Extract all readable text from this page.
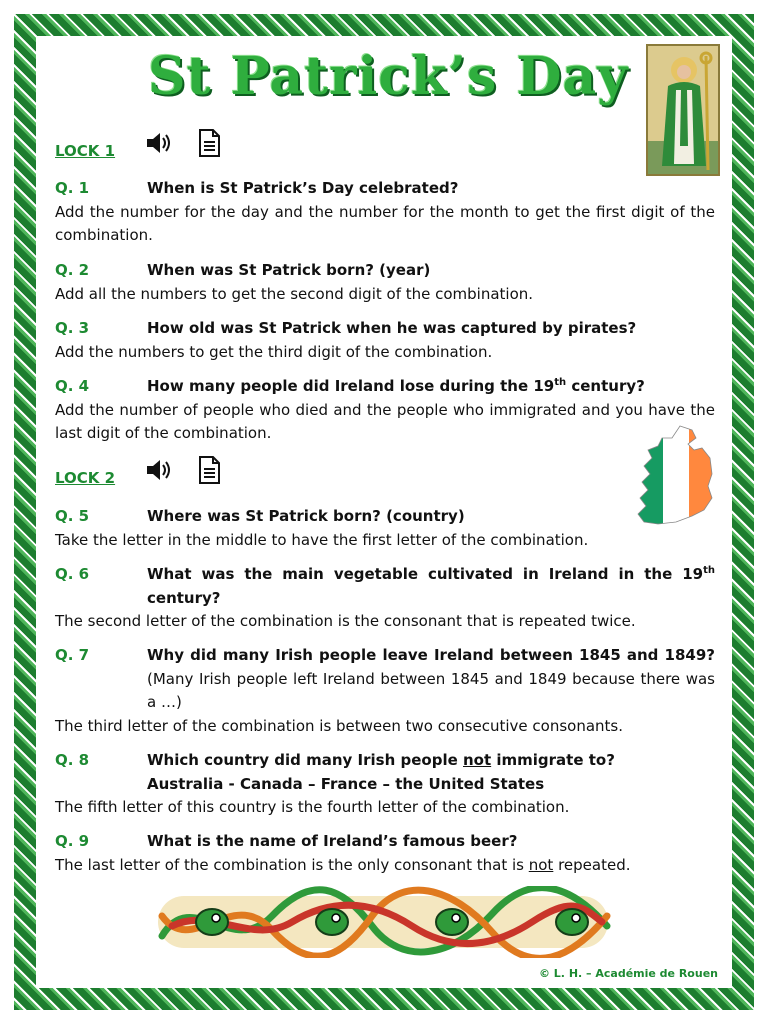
St Patrick’s Day
LOCK 1
Q. 1	When is St Patrick’s Day celebrated?
Add the number for the day and the number for the month to get the first digit of the combination.
Q. 2	When was St Patrick born? (year)
Add all the numbers to get the second digit of the combination.
Q. 3	How old was St Patrick when he was captured by pirates?
Add the numbers to get the third digit of the combination.
Q. 4	How many people did Ireland lose during the 19th century?
Add the number of people who died and the people who immigrated and you have the last digit of the combination.
LOCK 2
Q. 5	Where was St Patrick born? (country)
Take the letter in the middle to have the first letter of the combination.
Q. 6	What was the main vegetable cultivated in Ireland in the 19th century?
The second letter of the combination is the consonant that is repeated twice.
Q. 7	Why did many Irish people leave Ireland between 1845 and 1849? (Many Irish people left Ireland between 1845 and 1849 because there was a …)
The third letter of the combination is between two consecutive consonants.
Q. 8	Which country did many Irish people not immigrate to?
Australia - Canada – France – the United States
The fifth letter of this country is the fourth letter of the combination.
Q. 9	What is the name of Ireland’s famous beer?
The last letter of the combination is the only consonant that is not repeated.
© L. H. – Académie de Rouen
